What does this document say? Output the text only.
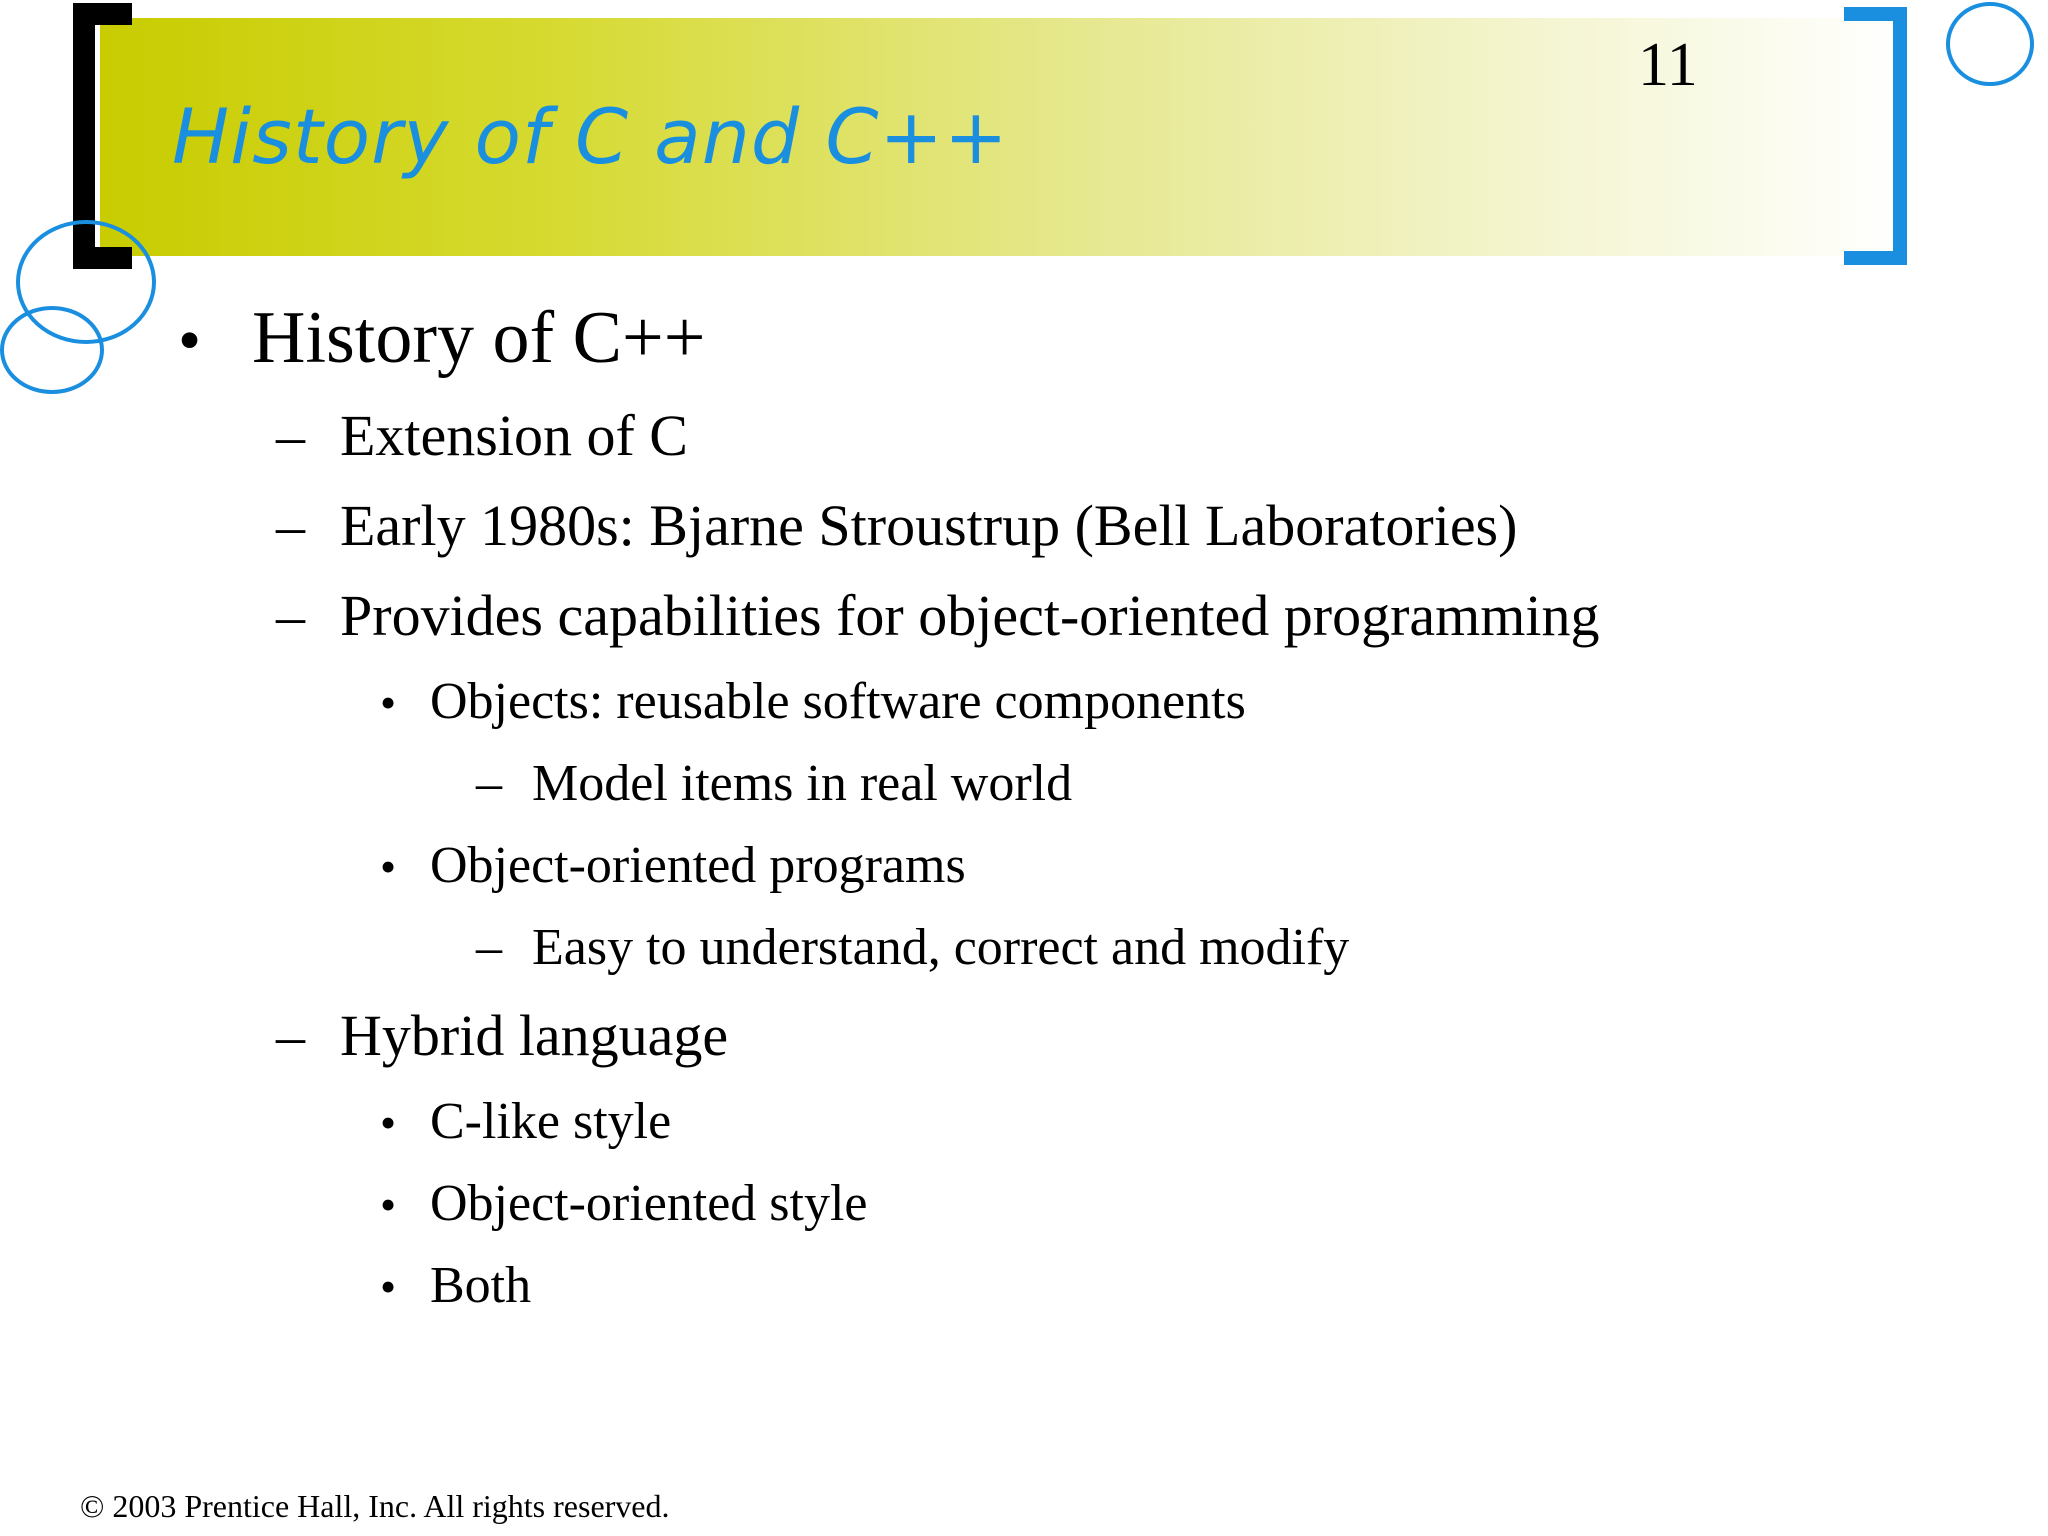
History of C and C++
11
• History of C++
– Extension of C
– Early 1980s: Bjarne Stroustrup (Bell Laboratories)
– Provides capabilities for object-oriented programming
• Objects: reusable software components
– Model items in real world
• Object-oriented programs
– Easy to understand, correct and modify
– Hybrid language
• C-like style
• Object-oriented style
• Both
© 2003 Prentice Hall, Inc. All rights reserved.
